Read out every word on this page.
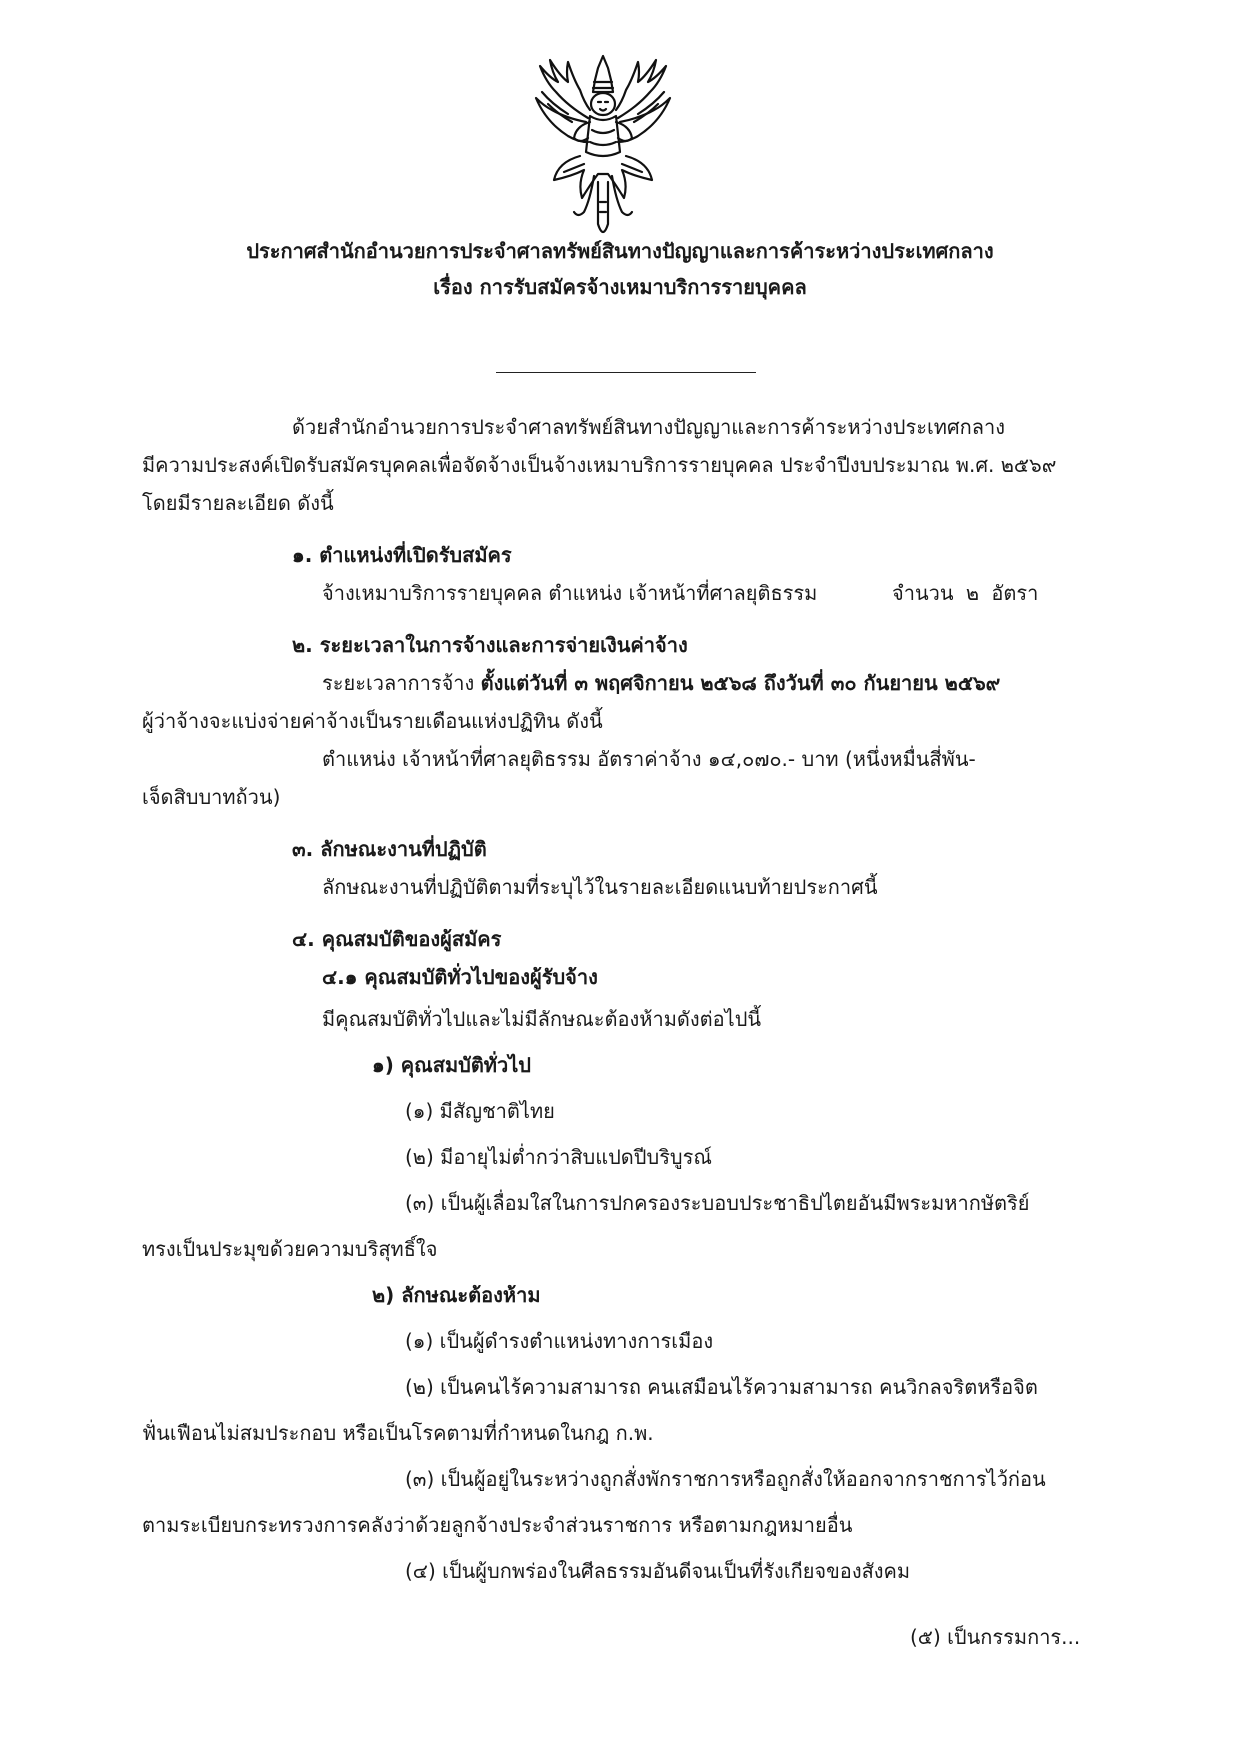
ประกาศสำนักอำนวยการประจำศาลทรัพย์สินทางปัญญาและการค้าระหว่างประเทศกลาง
เรื่อง การรับสมัครจ้างเหมาบริการรายบุคคล
ด้วยสำนักอำนวยการประจำศาลทรัพย์สินทางปัญญาและการค้าระหว่างประเทศกลาง
มีความประสงค์เปิดรับสมัครบุคคลเพื่อจัดจ้างเป็นจ้างเหมาบริการรายบุคคล ประจำปีงบประมาณ พ.ศ. ๒๕๖๙
โดยมีรายละเอียด ดังนี้
๑. ตำแหน่งที่เปิดรับสมัคร
จ้างเหมาบริการรายบุคคล ตำแหน่ง เจ้าหน้าที่ศาลยุติธรรม	จำนวน ๒ อัตรา
๒. ระยะเวลาในการจ้างและการจ่ายเงินค่าจ้าง
ระยะเวลาการจ้าง ตั้งแต่วันที่ ๓ พฤศจิกายน ๒๕๖๘ ถึงวันที่ ๓๐ กันยายน ๒๕๖๙
ผู้ว่าจ้างจะแบ่งจ่ายค่าจ้างเป็นรายเดือนแห่งปฏิทิน ดังนี้
ตำแหน่ง เจ้าหน้าที่ศาลยุติธรรม อัตราค่าจ้าง ๑๔,๐๗๐.- บาท (หนึ่งหมื่นสี่พัน-
เจ็ดสิบบาทถ้วน)
๓. ลักษณะงานที่ปฏิบัติ
ลักษณะงานที่ปฏิบัติตามที่ระบุไว้ในรายละเอียดแนบท้ายประกาศนี้
๔. คุณสมบัติของผู้สมัคร
๔.๑ คุณสมบัติทั่วไปของผู้รับจ้าง
มีคุณสมบัติทั่วไปและไม่มีลักษณะต้องห้ามดังต่อไปนี้
๑) คุณสมบัติทั่วไป
(๑) มีสัญชาติไทย
(๒) มีอายุไม่ต่ำกว่าสิบแปดปีบริบูรณ์
(๓) เป็นผู้เลื่อมใสในการปกครองระบอบประชาธิปไตยอันมีพระมหากษัตริย์
ทรงเป็นประมุขด้วยความบริสุทธิ์ใจ
๒) ลักษณะต้องห้าม
(๑) เป็นผู้ดำรงตำแหน่งทางการเมือง
(๒) เป็นคนไร้ความสามารถ คนเสมือนไร้ความสามารถ คนวิกลจริตหรือจิต
ฟั่นเฟือนไม่สมประกอบ หรือเป็นโรคตามที่กำหนดในกฎ ก.พ.
(๓) เป็นผู้อยู่ในระหว่างถูกสั่งพักราชการหรือถูกสั่งให้ออกจากราชการไว้ก่อน
ตามระเบียบกระทรวงการคลังว่าด้วยลูกจ้างประจำส่วนราชการ หรือตามกฎหมายอื่น
(๔) เป็นผู้บกพร่องในศีลธรรมอันดีจนเป็นที่รังเกียจของสังคม
(๕) เป็นกรรมการ...
